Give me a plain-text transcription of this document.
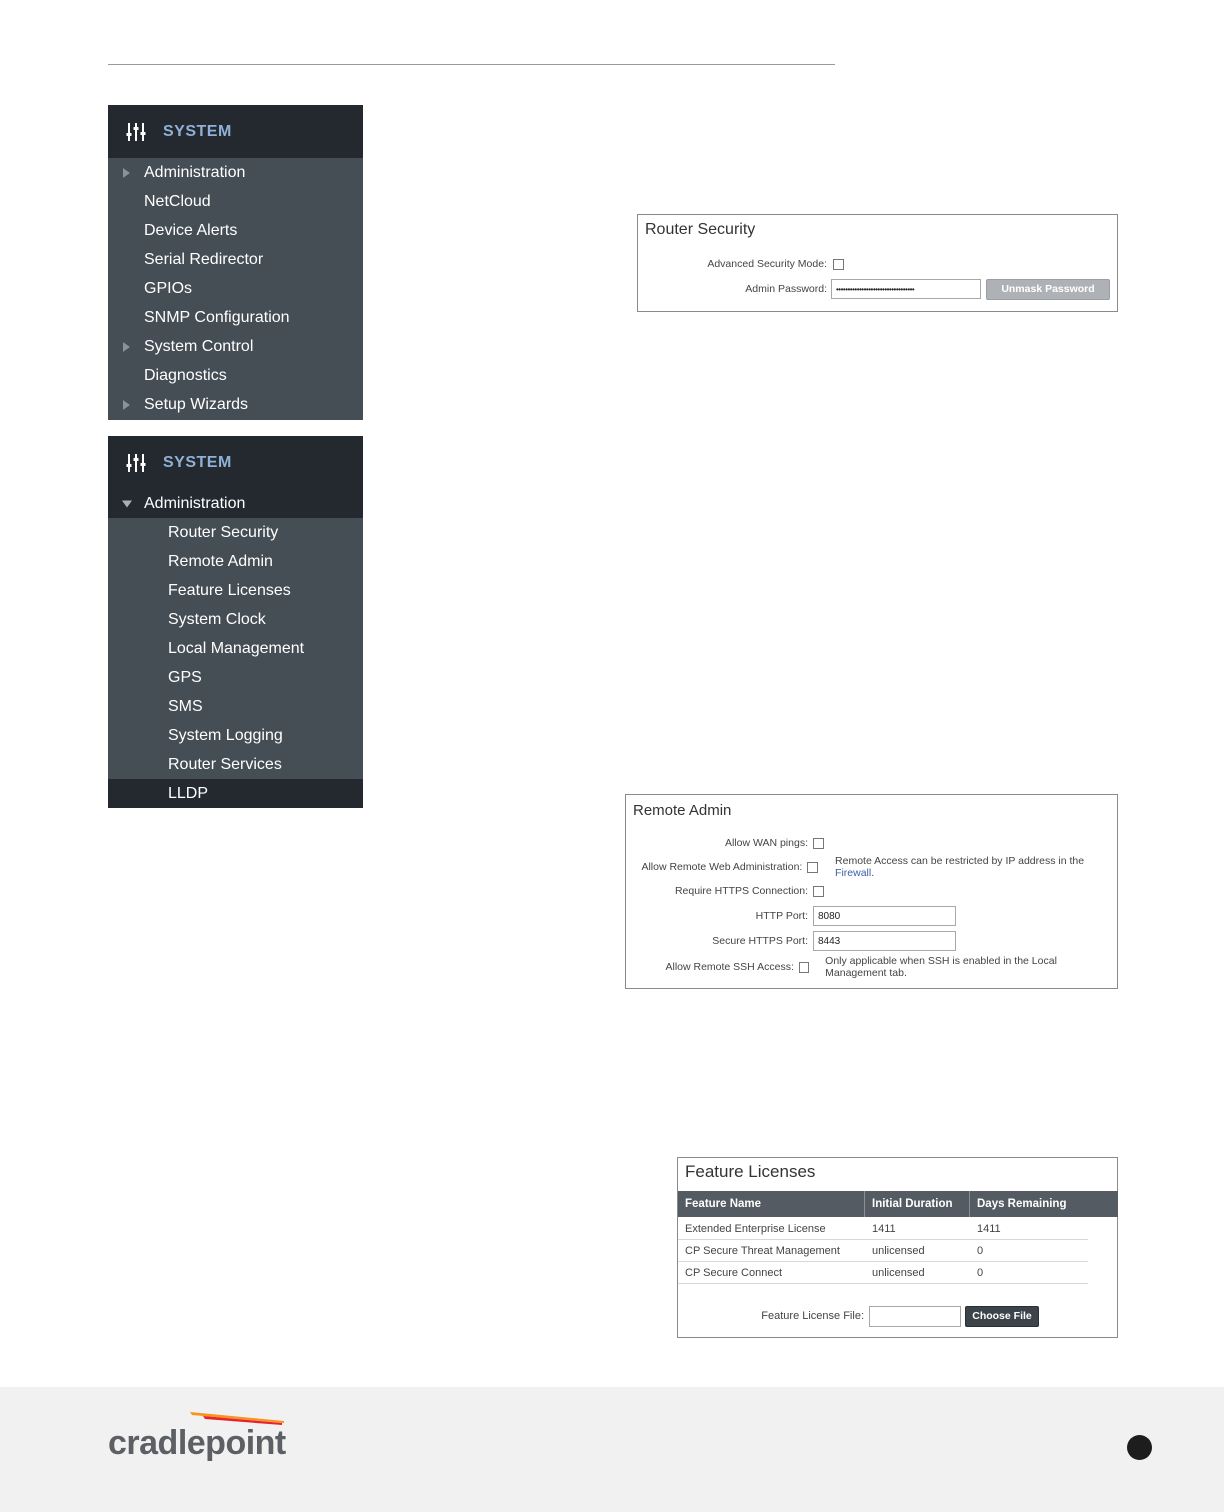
SYSTEM
Administration
NetCloud
Device Alerts
Serial Redirector
GPIOs
SNMP Configuration
System Control
Diagnostics
Setup Wizards
SYSTEM
Administration
Router Security
Remote Admin
Feature Licenses
System Clock
Local Management
GPS
SMS
System Logging
Router Services
LLDP
Router Security
Advanced Security Mode:
Admin Password:	••••••••••••••••••••••••••••••••••	Unmask Password
Remote Admin
Allow WAN pings:
Allow Remote Web Administration:	Remote Access can be restricted by IP address in the Firewall.
Require HTTPS Connection:
HTTP Port:	8080
Secure HTTPS Port:	8443
Allow Remote SSH Access:	Only applicable when SSH is enabled in the Local Management tab.
Feature Licenses
Feature Name	Initial Duration	Days Remaining
Extended Enterprise License	1411	1411
CP Secure Threat Management	unlicensed	0
CP Secure Connect	unlicensed	0
Feature License File:	Choose File
cradlepoint
